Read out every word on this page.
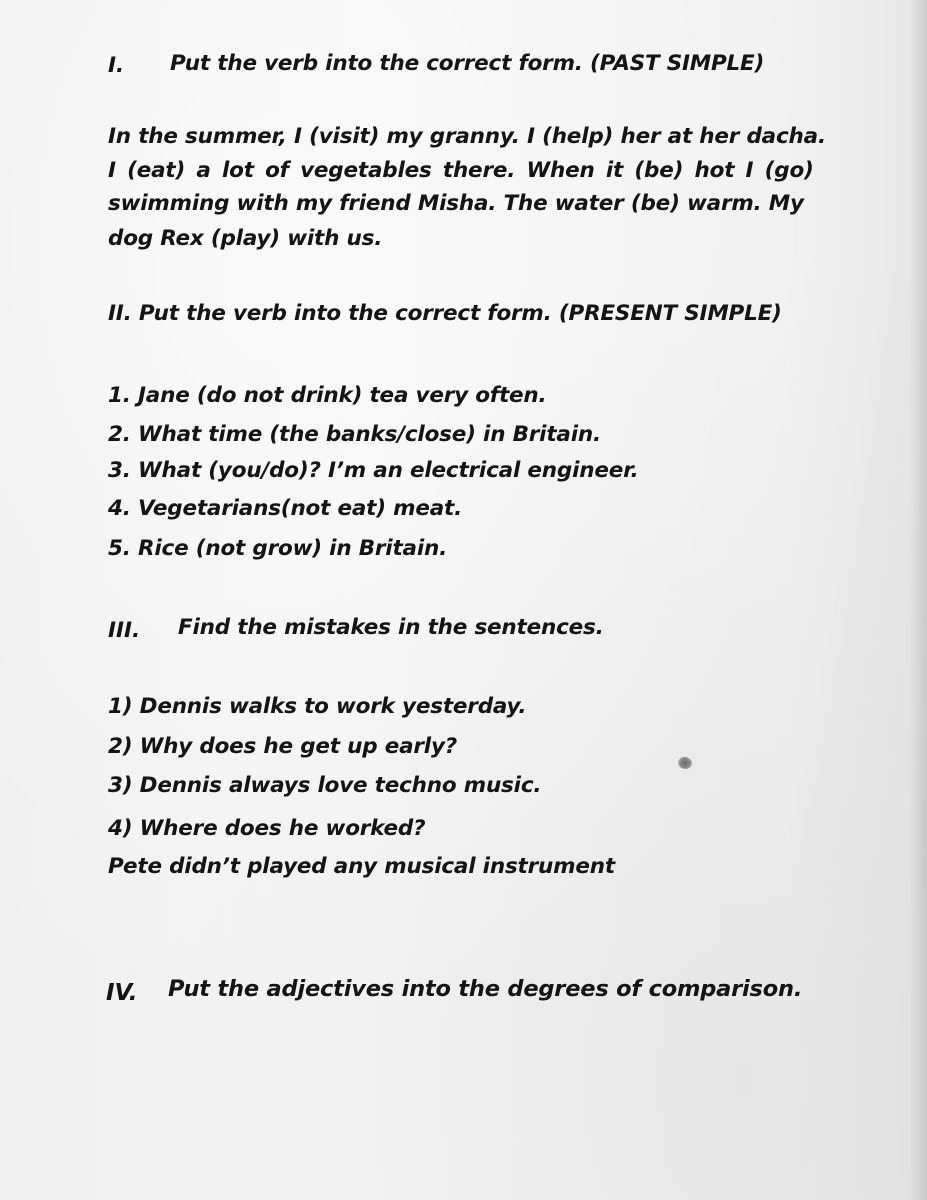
I. Put the verb into the correct form. (PAST SIMPLE)
In the summer, I (visit) my granny. I (help) her at her dacha.
I (eat) a lot of vegetables there. When it (be) hot I (go)
swimming with my friend Misha. The water (be) warm. My
dog Rex (play) with us.
II. Put the verb into the correct form. (PRESENT SIMPLE)
1. Jane (do not drink) tea very often.
2. What time (the banks/close) in Britain.
3. What (you/do)? I’m an electrical engineer.
4. Vegetarians(not eat) meat.
5. Rice (not grow) in Britain.
III. Find the mistakes in the sentences.
1) Dennis walks to work yesterday.
2) Why does he get up early?
3) Dennis always love techno music.
4) Where does he worked?
Pete didn’t played any musical instrument
IV. Put the adjectives into the degrees of comparison.
